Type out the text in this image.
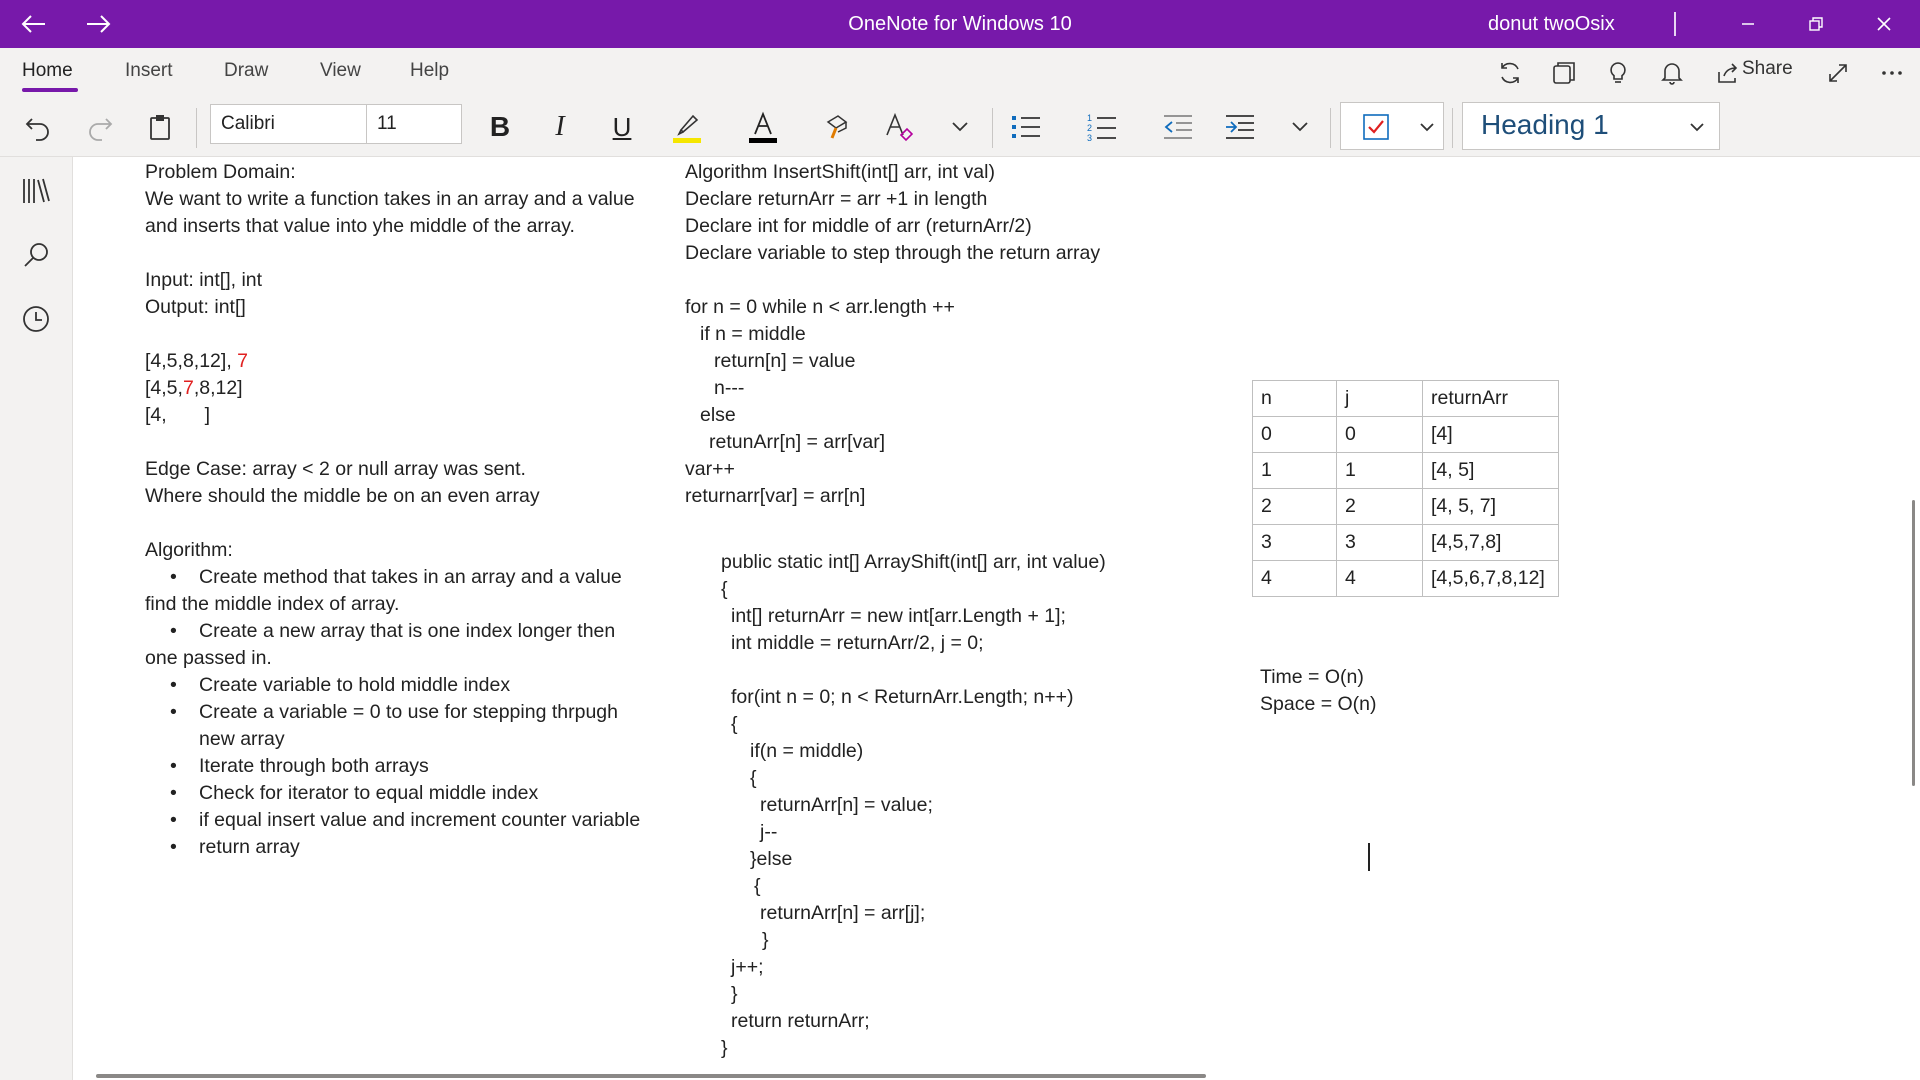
OneNote for Windows 10	donut twoOsix
Home	Insert	Draw	View	Help	Share
Calibri	11	B	I	U	1
2
3	Heading 1
Problem Domain:
We want to write a function takes in an array and a value
and inserts that value into yhe middle of the array.
Input: int[], int
Output: int[]
[4,5,8,12], 7
[4,5,7,8,12]
[4,       ]
Edge Case: array < 2 or null array was sent.
Where should the middle be on an even array
Algorithm:
• Create method that takes in an array and a value
find the middle index of array.
• Create a new array that is one index longer then
one passed in.
• Create variable to hold middle index
• Create a variable = 0 to use for stepping thrpugh
new array
• Iterate through both arrays
• Check for iterator to equal middle index
• if equal insert value and increment counter variable
• return array
Algorithm InsertShift(int[] arr, int val)
Declare returnArr = arr +1 in length
Declare int for middle of arr (returnArr/2)
Declare variable to step through the return array
for n = 0 while n < arr.length ++
if n = middle
return[n] = value
n---
else
retunArr[n] = arr[var]
var++
returnarr[var] = arr[n]
public static int[] ArrayShift(int[] arr, int value)
{
int[] returnArr = new int[arr.Length + 1];
int middle = returnArr/2, j = 0;
for(int n = 0; n < ReturnArr.Length; n++)
{
if(n = middle)
{
returnArr[n] = value;
j--
}else
{
returnArr[n] = arr[j];
}
j++;
}
return returnArr;
}
Time = O(n)
Space = O(n)
n	j	returnArr
0	0	[4]
1	1	[4, 5]
2	2	[4, 5, 7]
3	3	[4,5,7,8]
4	4	[4,5,6,7,8,12]
